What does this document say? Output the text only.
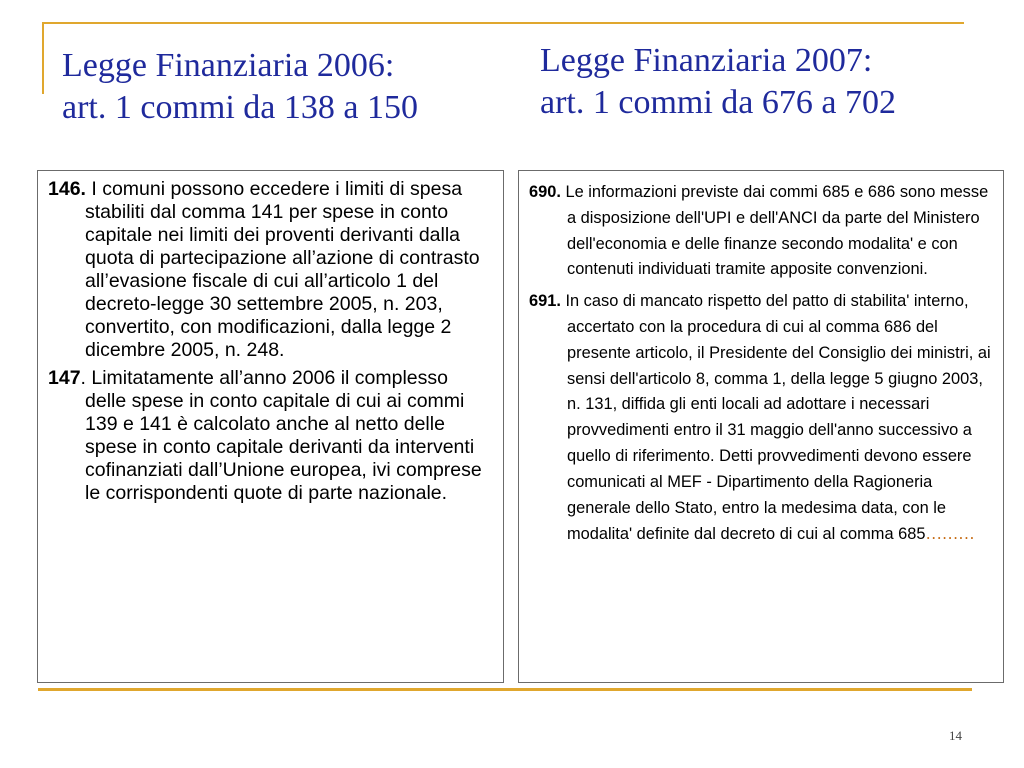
Legge Finanziaria 2006:
art. 1 commi da 138 a 150
Legge Finanziaria 2007:
art. 1 commi da 676 a 702

146. I comuni possono eccedere i limiti di spesa stabiliti dal comma 141 per spese in conto capitale nei limiti dei proventi derivanti dalla quota di partecipazione all’azione di contrasto all’evasione fiscale di cui all’articolo 1 del decreto-legge 30 settembre 2005, n. 203, convertito, con modificazioni, dalla legge 2 dicembre 2005, n. 248.

147. Limitatamente all’anno 2006 il complesso delle spese in conto capitale di cui ai commi 139 e 141 è calcolato anche al netto delle spese in conto capitale derivanti da interventi cofinanziati dall’Unione europea, ivi comprese le corrispondenti quote di parte nazionale.

690. Le informazioni previste dai commi 685 e 686 sono messe a disposizione dell'UPI e dell'ANCI da parte del Ministero dell'economia e delle finanze secondo modalita' e con contenuti individuati tramite apposite convenzioni.

691. In caso di mancato rispetto del patto di stabilita' interno, accertato con la procedura di cui al comma 686 del presente articolo, il Presidente del Consiglio dei ministri, ai sensi dell'articolo 8, comma 1, della legge 5 giugno 2003, n. 131, diffida gli enti locali ad adottare i necessari provvedimenti entro il 31 maggio dell'anno successivo a quello di riferimento. Detti provvedimenti devono essere comunicati al MEF - Dipartimento della Ragioneria generale dello Stato, entro la medesima data, con le modalita' definite dal decreto di cui al comma 685………

14
